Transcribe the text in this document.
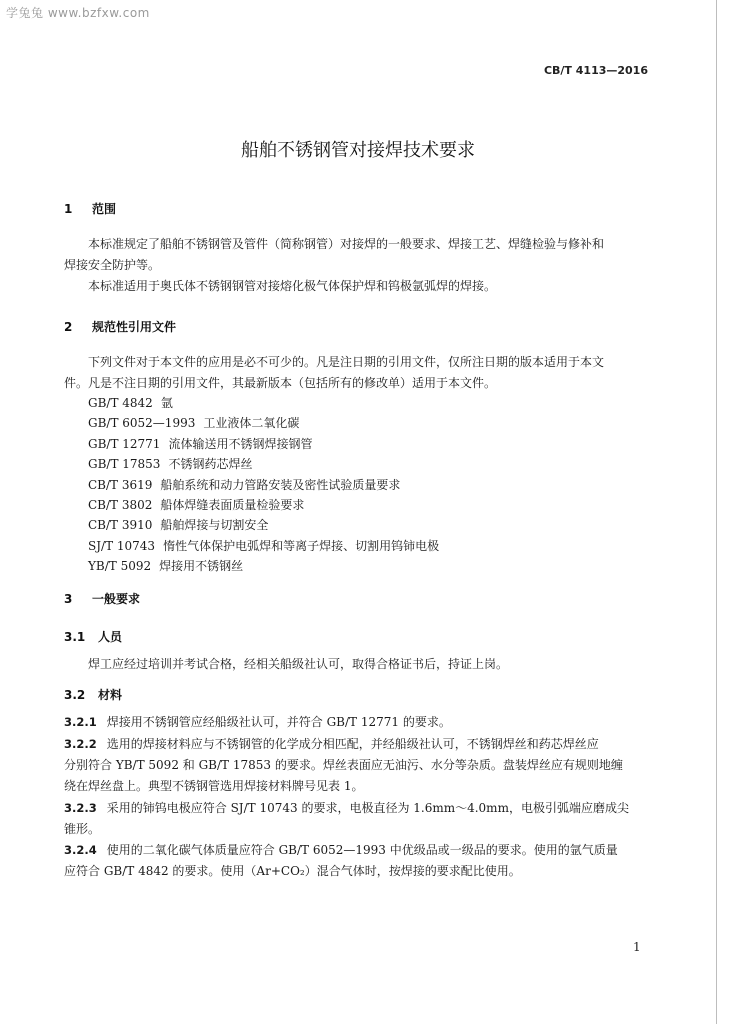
学兔兔 www.bzfxw.com
CB/T 4113—2016
船舶不锈钢管对接焊技术要求
1 范围
本标准规定了船舶不锈钢管及管件（简称钢管）对接焊的一般要求、焊接工艺、焊缝检验与修补和
焊接安全防护等。
本标准适用于奥氏体不锈钢钢管对接熔化极气体保护焊和钨极氩弧焊的焊接。
2 规范性引用文件
下列文件对于本文件的应用是必不可少的。凡是注日期的引用文件，仅所注日期的版本适用于本文
件。凡是不注日期的引用文件，其最新版本（包括所有的修改单）适用于本文件。
GB/T 4842 氩
GB/T 6052—1993 工业液体二氧化碳
GB/T 12771 流体输送用不锈钢焊接钢管
GB/T 17853 不锈钢药芯焊丝
CB/T 3619 船舶系统和动力管路安装及密性试验质量要求
CB/T 3802 船体焊缝表面质量检验要求
CB/T 3910 船舶焊接与切割安全
SJ/T 10743 惰性气体保护电弧焊和等离子焊接、切割用钨铈电极
YB/T 5092 焊接用不锈钢丝
3 一般要求
3.1 人员
焊工应经过培训并考试合格，经相关船级社认可，取得合格证书后，持证上岗。
3.2 材料
3.2.1 焊接用不锈钢管应经船级社认可，并符合 GB/T 12771 的要求。
3.2.2 选用的焊接材料应与不锈钢管的化学成分相匹配，并经船级社认可，不锈钢焊丝和药芯焊丝应
分别符合 YB/T 5092 和 GB/T 17853 的要求。焊丝表面应无油污、水分等杂质。盘装焊丝应有规则地缠
绕在焊丝盘上。典型不锈钢管选用焊接材料牌号见表 1。
3.2.3 采用的铈钨电极应符合 SJ/T 10743 的要求，电极直径为 1.6mm～4.0mm，电极引弧端应磨成尖
锥形。
3.2.4 使用的二氧化碳气体质量应符合 GB/T 6052—1993 中优级品或一级品的要求。使用的氩气质量
应符合 GB/T 4842 的要求。使用（Ar+CO₂）混合气体时，按焊接的要求配比使用。
1
